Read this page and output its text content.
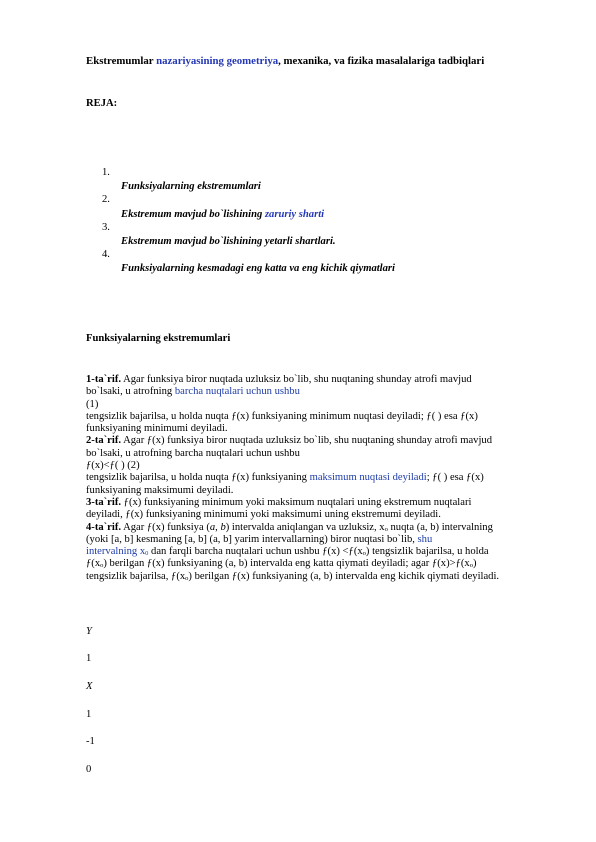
Ekstremumlar nazariyasining geometriya, mexanika, va fizika masalalariga tadbiqlari
REJA:
1.
Funksiyalarning ekstremumlari
2.
Ekstremum mavjud bo`lishining zaruriy sharti
3.
Ekstremum mavjud bo`lishining yetarli shartlari.
4.
Funksiyalarning kesmadagi eng katta va eng kichik qiymatlari
Funksiyalarning ekstremumlari

1-ta`rif. Agar funksiya biror nuqtada uzluksiz bo`lib, shu nuqtaning shunday atrofi mavjud
bo`lsaki, u atrofning barcha nuqtalari uchun ushbu
(1)
tengsizlik bajarilsa, u holda nuqta ƒ(x) funksiyaning minimum nuqtasi deyiladi; ƒ( ) esa ƒ(x)
funksiyaning minimumi deyiladi.

2-ta`rif. Agar ƒ(x) funksiya biror nuqtada uzluksiz bo`lib, shu nuqtaning shunday atrofi mavjud
bo`lsaki, u atrofning barcha nuqtalari uchun ushbu
ƒ(x)<ƒ( ) (2)
tengsizlik bajarilsa, u holda nuqta ƒ(x) funksiyaning maksimum nuqtasi deyiladi; ƒ( ) esa ƒ(x)
funksiyaning maksimumi deyiladi.

3-ta`rif. ƒ(x) funksiyaning minimum yoki maksimum nuqtalari uning ekstremum nuqtalari
deyiladi, ƒ(x) funksiyaning minimumi yoki maksimumi uning ekstremumi deyiladi.

4-ta`rif. Agar ƒ(x) funksiya (a, b) intervalda aniqlangan va uzluksiz, $x_o$ nuqta (a, b) intervalning
(yoki [a, b] kesmaning [a, b] (a, b] yarim intervallarning) biror nuqtasi bo`lib, shu
intervalning $x_0$ dan farqli barcha nuqtalari uchun ushbu ƒ(x) $<ƒ(x_o)$ tengsizlik bajarilsa, u holda
$ƒ(x_o)$ berilgan ƒ(x) funksiyaning (a, b) intervalda eng katta qiymati deyiladi; agar $ƒ(x)>ƒ(x_o)$
tengsizlik bajarilsa, $ƒ(x_o)$ berilgan ƒ(x) funksiyaning (a, b) intervalda eng kichik qiymati deyiladi.

Y
1
X
1
-1
0
